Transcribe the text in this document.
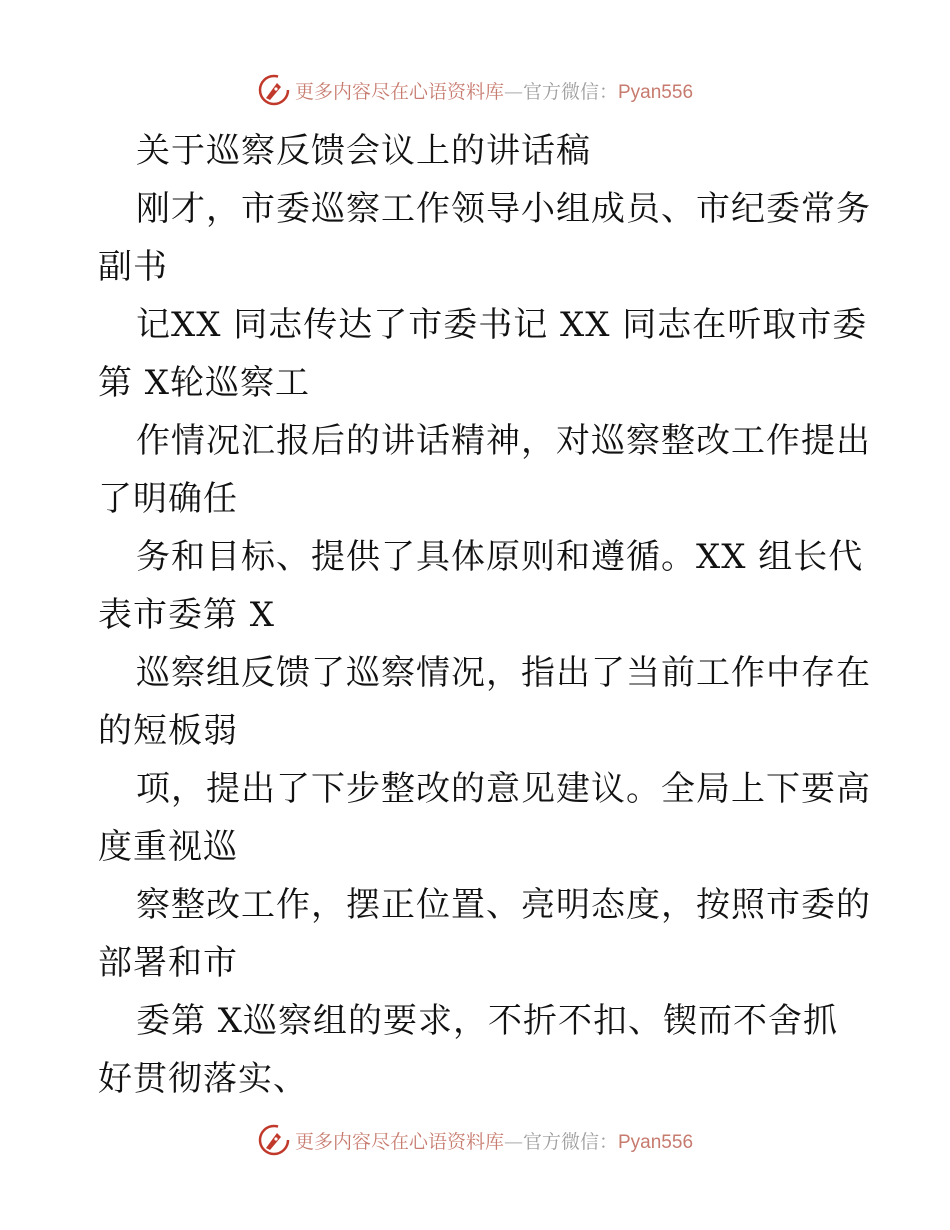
更多内容尽在心语资料库—官方微信：Pyan556
关于巡察反馈会议上的讲话稿
刚才，市委巡察工作领导小组成员、市纪委常务
副书
记XX 同志传达了市委书记 XX 同志在听取市委
第 X轮巡察工
作情况汇报后的讲话精神，对巡察整改工作提出
了明确任
务和目标、提供了具体原则和遵循。XX 组长代
表市委第 X
巡察组反馈了巡察情况，指出了当前工作中存在
的短板弱
项，提出了下步整改的意见建议。全局上下要高
度重视巡
察整改工作，摆正位置、亮明态度，按照市委的
部署和市
委第 X巡察组的要求，不折不扣、锲而不舍抓
好贯彻落实、
更多内容尽在心语资料库—官方微信：Pyan556
